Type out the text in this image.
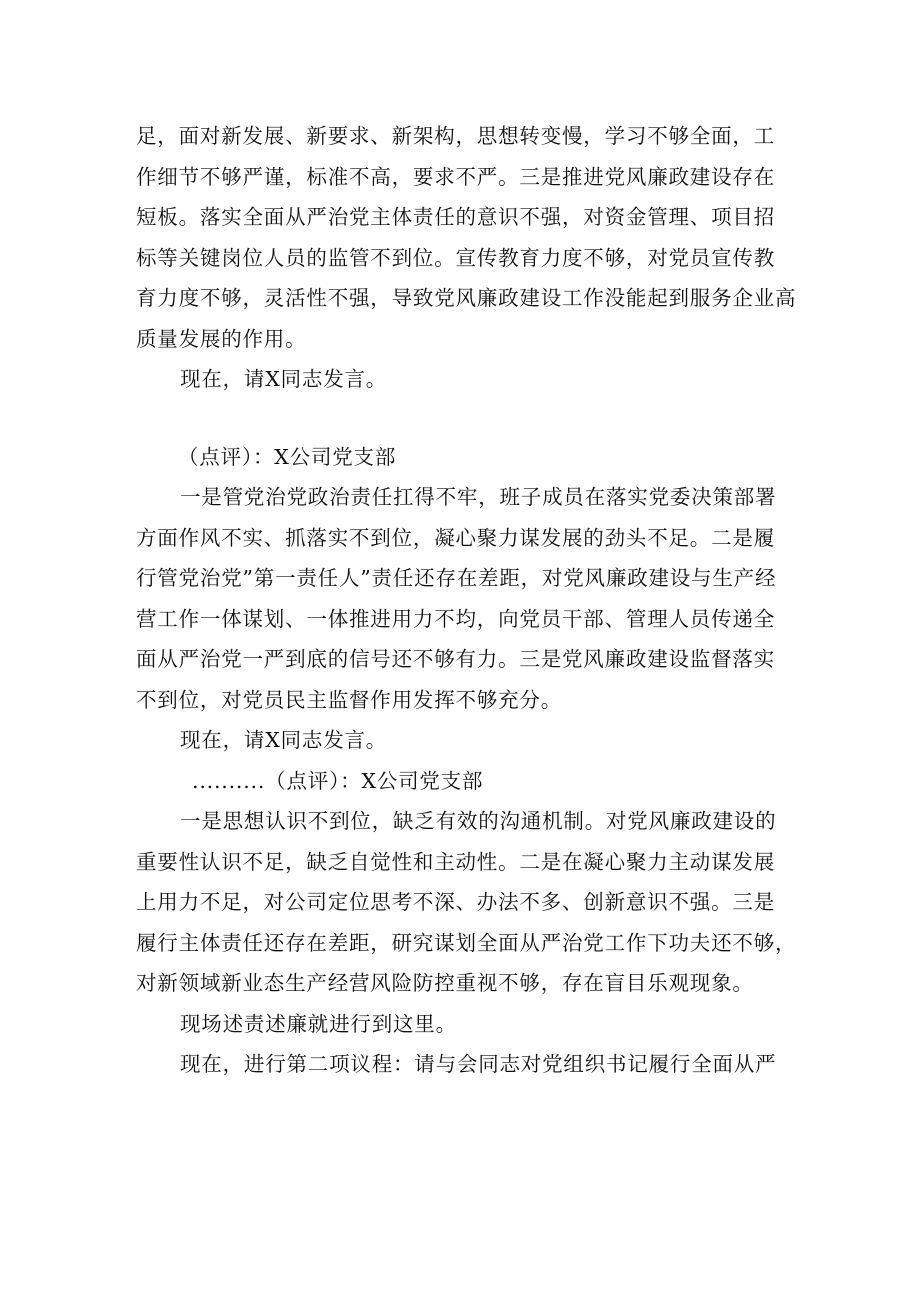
足，面对新发展、新要求、新架构，思想转变慢，学习不够全面，工

作细节不够严谨，标准不高，要求不严。三是推进党风廉政建设存在

短板。落实全面从严治党主体责任的意识不强，对资金管理、项目招

标等关键岗位人员的监管不到位。宣传教育力度不够，对党员宣传教

育力度不够，灵活性不强，导致党风廉政建设工作没能起到服务企业高

质量发展的作用。

现在，请X同志发言。

（点评）：X公司党支部

一是管党治党政治责任扛得不牢，班子成员在落实党委决策部署

方面作风不实、抓落实不到位，凝心聚力谋发展的劲头不足。二是履

行管党治党”第一责任人”责任还存在差距，对党风廉政建设与生产经

营工作一体谋划、一体推进用力不均，向党员干部、管理人员传递全

面从严治党一严到底的信号还不够有力。三是党风廉政建设监督落实

不到位，对党员民主监督作用发挥不够充分。

现在，请X同志发言。

..........（点评）：X公司党支部

一是思想认识不到位，缺乏有效的沟通机制。对党风廉政建设的

重要性认识不足，缺乏自觉性和主动性。二是在凝心聚力主动谋发展

上用力不足，对公司定位思考不深、办法不多、创新意识不强。三是

履行主体责任还存在差距，研究谋划全面从严治党工作下功夫还不够，

对新领域新业态生产经营风险防控重视不够，存在盲目乐观现象。

现场述责述廉就进行到这里。

现在，进行第二项议程：请与会同志对党组织书记履行全面从严
